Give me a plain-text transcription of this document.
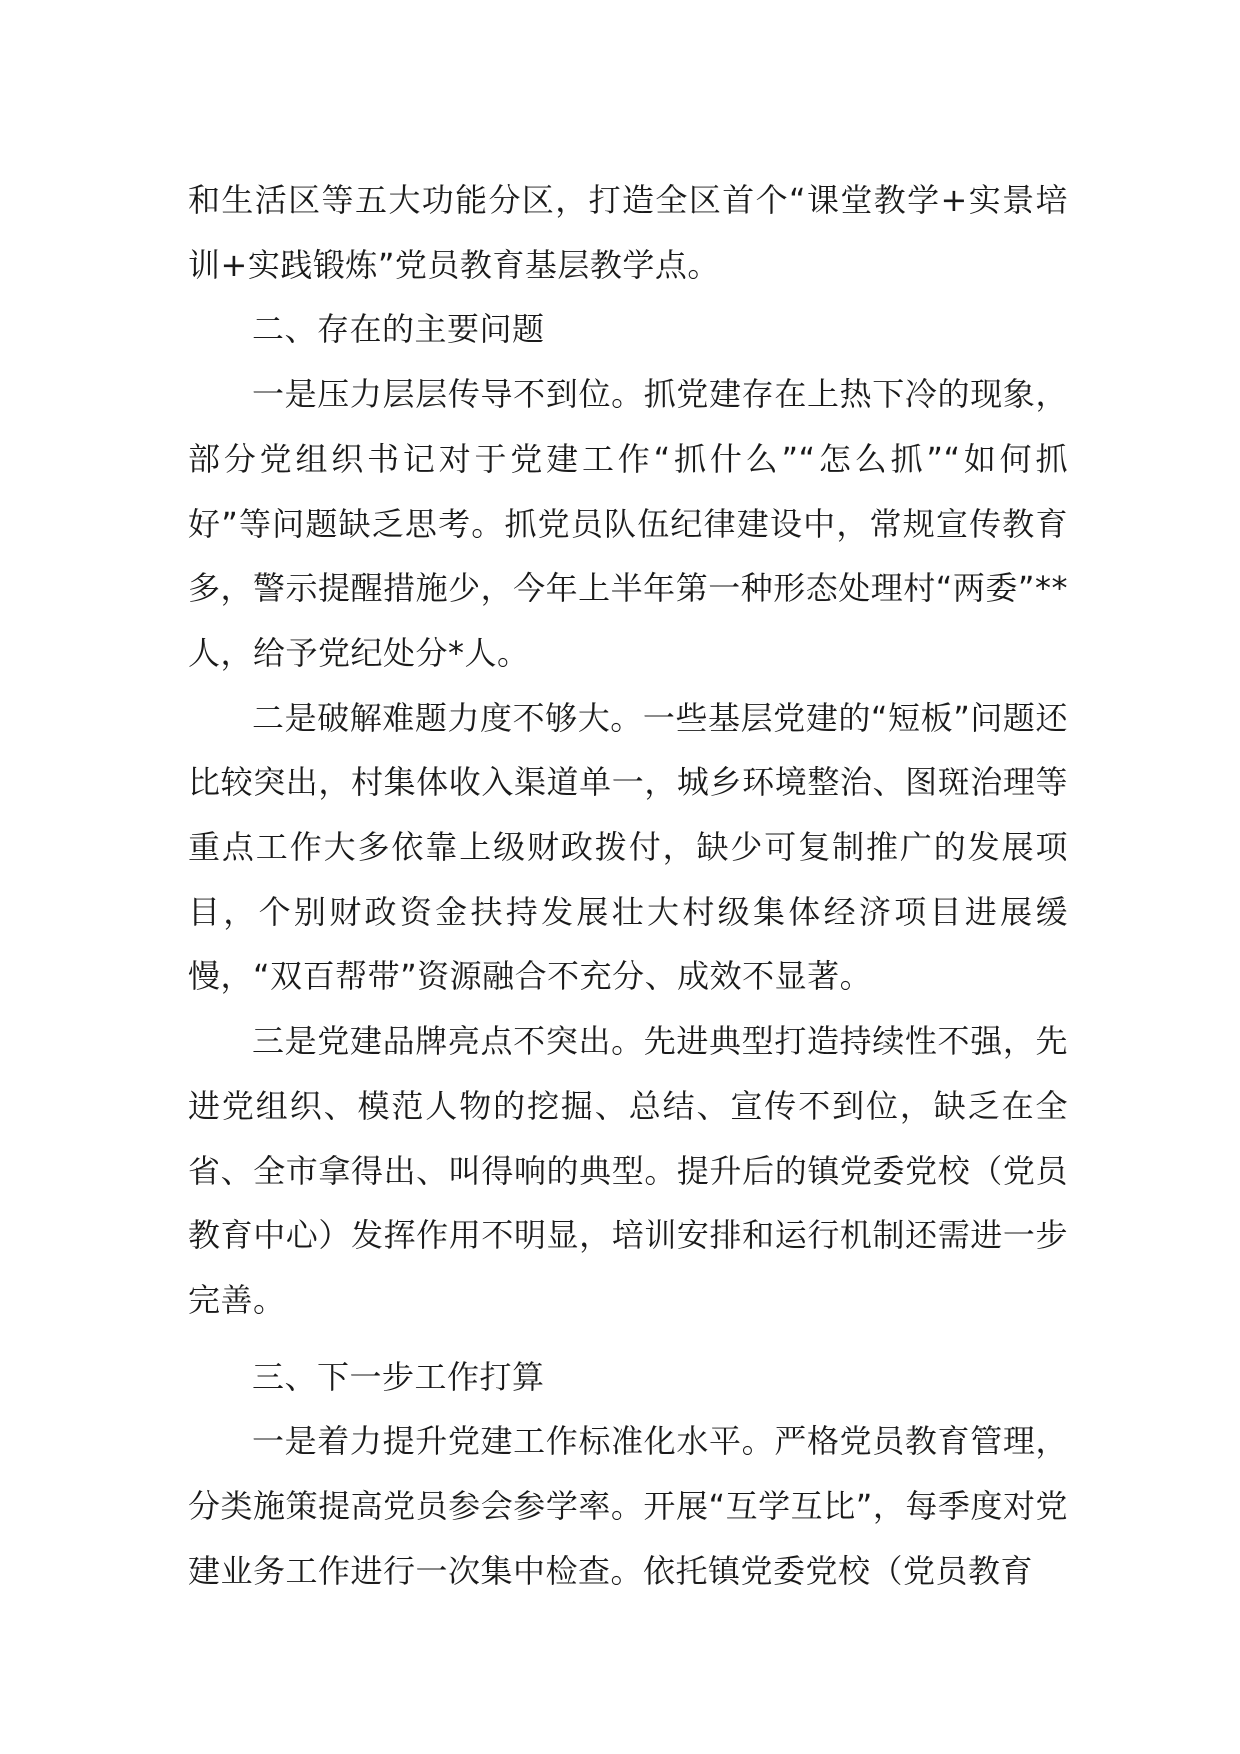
和生活区等五大功能分区，打造全区首个“课堂教学+实景培训+实践锻炼”党员教育基层教学点。

二、存在的主要问题

一是压力层层传导不到位。抓党建存在上热下冷的现象，部分党组织书记对于党建工作“抓什么”“怎么抓”“如何抓好”等问题缺乏思考。抓党员队伍纪律建设中，常规宣传教育多，警示提醒措施少，今年上半年第一种形态处理村“两委”**人，给予党纪处分*人。

二是破解难题力度不够大。一些基层党建的“短板”问题还比较突出，村集体收入渠道单一，城乡环境整治、图斑治理等重点工作大多依靠上级财政拨付，缺少可复制推广的发展项目，个别财政资金扶持发展壮大村级集体经济项目进展缓慢，“双百帮带”资源融合不充分、成效不显著。

三是党建品牌亮点不突出。先进典型打造持续性不强，先进党组织、模范人物的挖掘、总结、宣传不到位，缺乏在全省、全市拿得出、叫得响的典型。提升后的镇党委党校（党员教育中心）发挥作用不明显，培训安排和运行机制还需进一步完善。

三、下一步工作打算

一是着力提升党建工作标准化水平。严格党员教育管理，分类施策提高党员参会参学率。开展“互学互比”，每季度对党建业务工作进行一次集中检查。依托镇党委党校（党员教育
